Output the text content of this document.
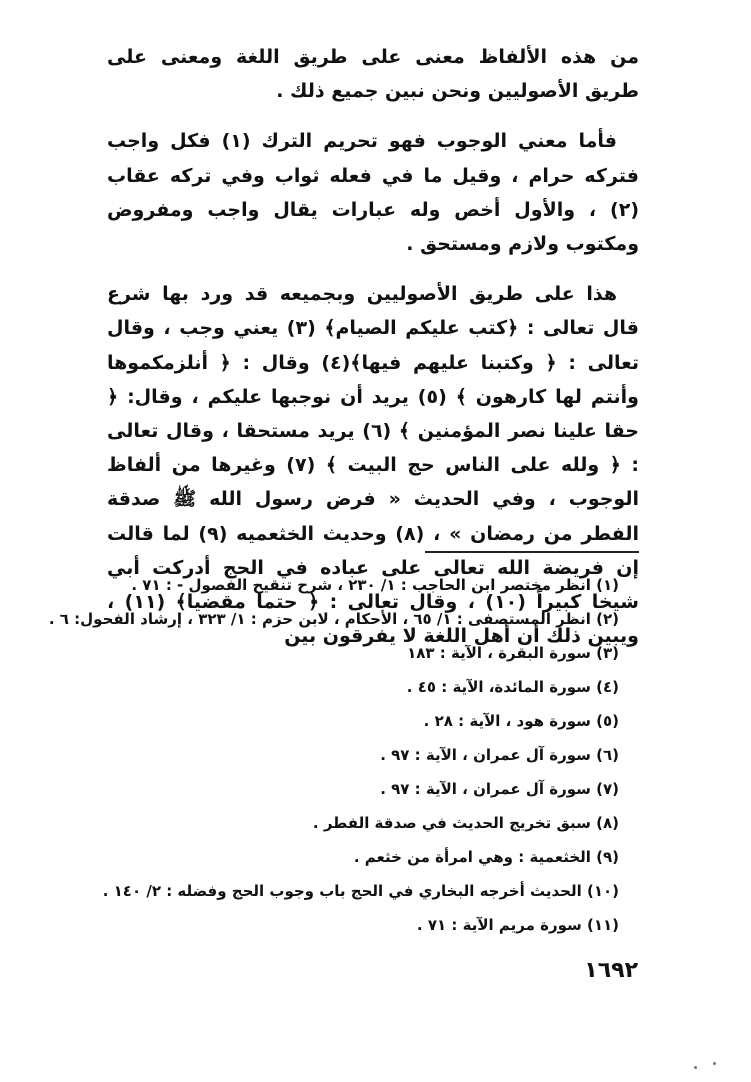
من هذه الألفاظ معنى على طريق اللغة ومعنى على طريق الأصوليين ونحن نبين جميع ذلك .

فأما معني الوجوب فهو تحريم الترك (١) فكل واجب فتركه حرام ، وقيل ما في فعله ثواب وفي تركه عقاب (٢) ، والأول أخص وله عبارات يقال واجب ومفروض ومكتوب ولازم ومستحق .

هذا على طريق الأصوليين وبجميعه قد ورد بها شرع قال تعالى : ﴿كتب عليكم الصيام﴾ (٣) يعني وجب ، وقال تعالى : ﴿ وكتبنا عليهم فيها﴾(٤) وقال : ﴿ أنلزمكموها وأنتم لها كارهون ﴾ (٥) يريد أن نوجبها عليكم ، وقال: ﴿ حقا علينا نصر المؤمنين ﴾ (٦) يريد مستحقا ، وقال تعالى : ﴿ ولله على الناس حج البيت ﴾ (٧) وغيرها من ألفاظ الوجوب ، وفي الحديث « فرض رسول الله ﷺ صدقة الفطر من رمضان » ، (٨) وحديث الخثعميه (٩) لما قالت إن فريضة الله تعالى على عباده في الحج أدركت أبي شيخا كبيراً (١٠) ، وقال تعالى : ﴿ حتما مقضيا﴾ (١١) ، ويبين ذلك أن أهل اللغة لا يفرقون بين

(١) انظر مختصر ابن الحاجب : ١/ ٢٣٠ ، شرح تنقيح الفصول - : ٧١ .
(٢) انظر المستصفى : ١/ ٦٥ ، الأحكام ، لابن حزم : ١/ ٣٢٣ ، إرشاد الفحول: ٦ .
(٣) سورة البقرة ، الآية : ١٨٣
(٤) سورة المائدة، الآية : ٤٥ .
(٥) سورة هود ، الآية : ٢٨ .
(٦) سورة آل عمران ، الآية : ٩٧ .
(٧) سورة آل عمران ، الآية : ٩٧ .
(٨) سبق تخريج الحديث في صدقة الفطر .
(٩) الخثعمية : وهي امرأة من خثعم .
(١٠) الحديث أخرجه البخاري في الحج باب وجوب الحج وفضله : ٢/ ١٤٠ .
(١١) سورة مريم الآية : ٧١ .
١٦٩٢
